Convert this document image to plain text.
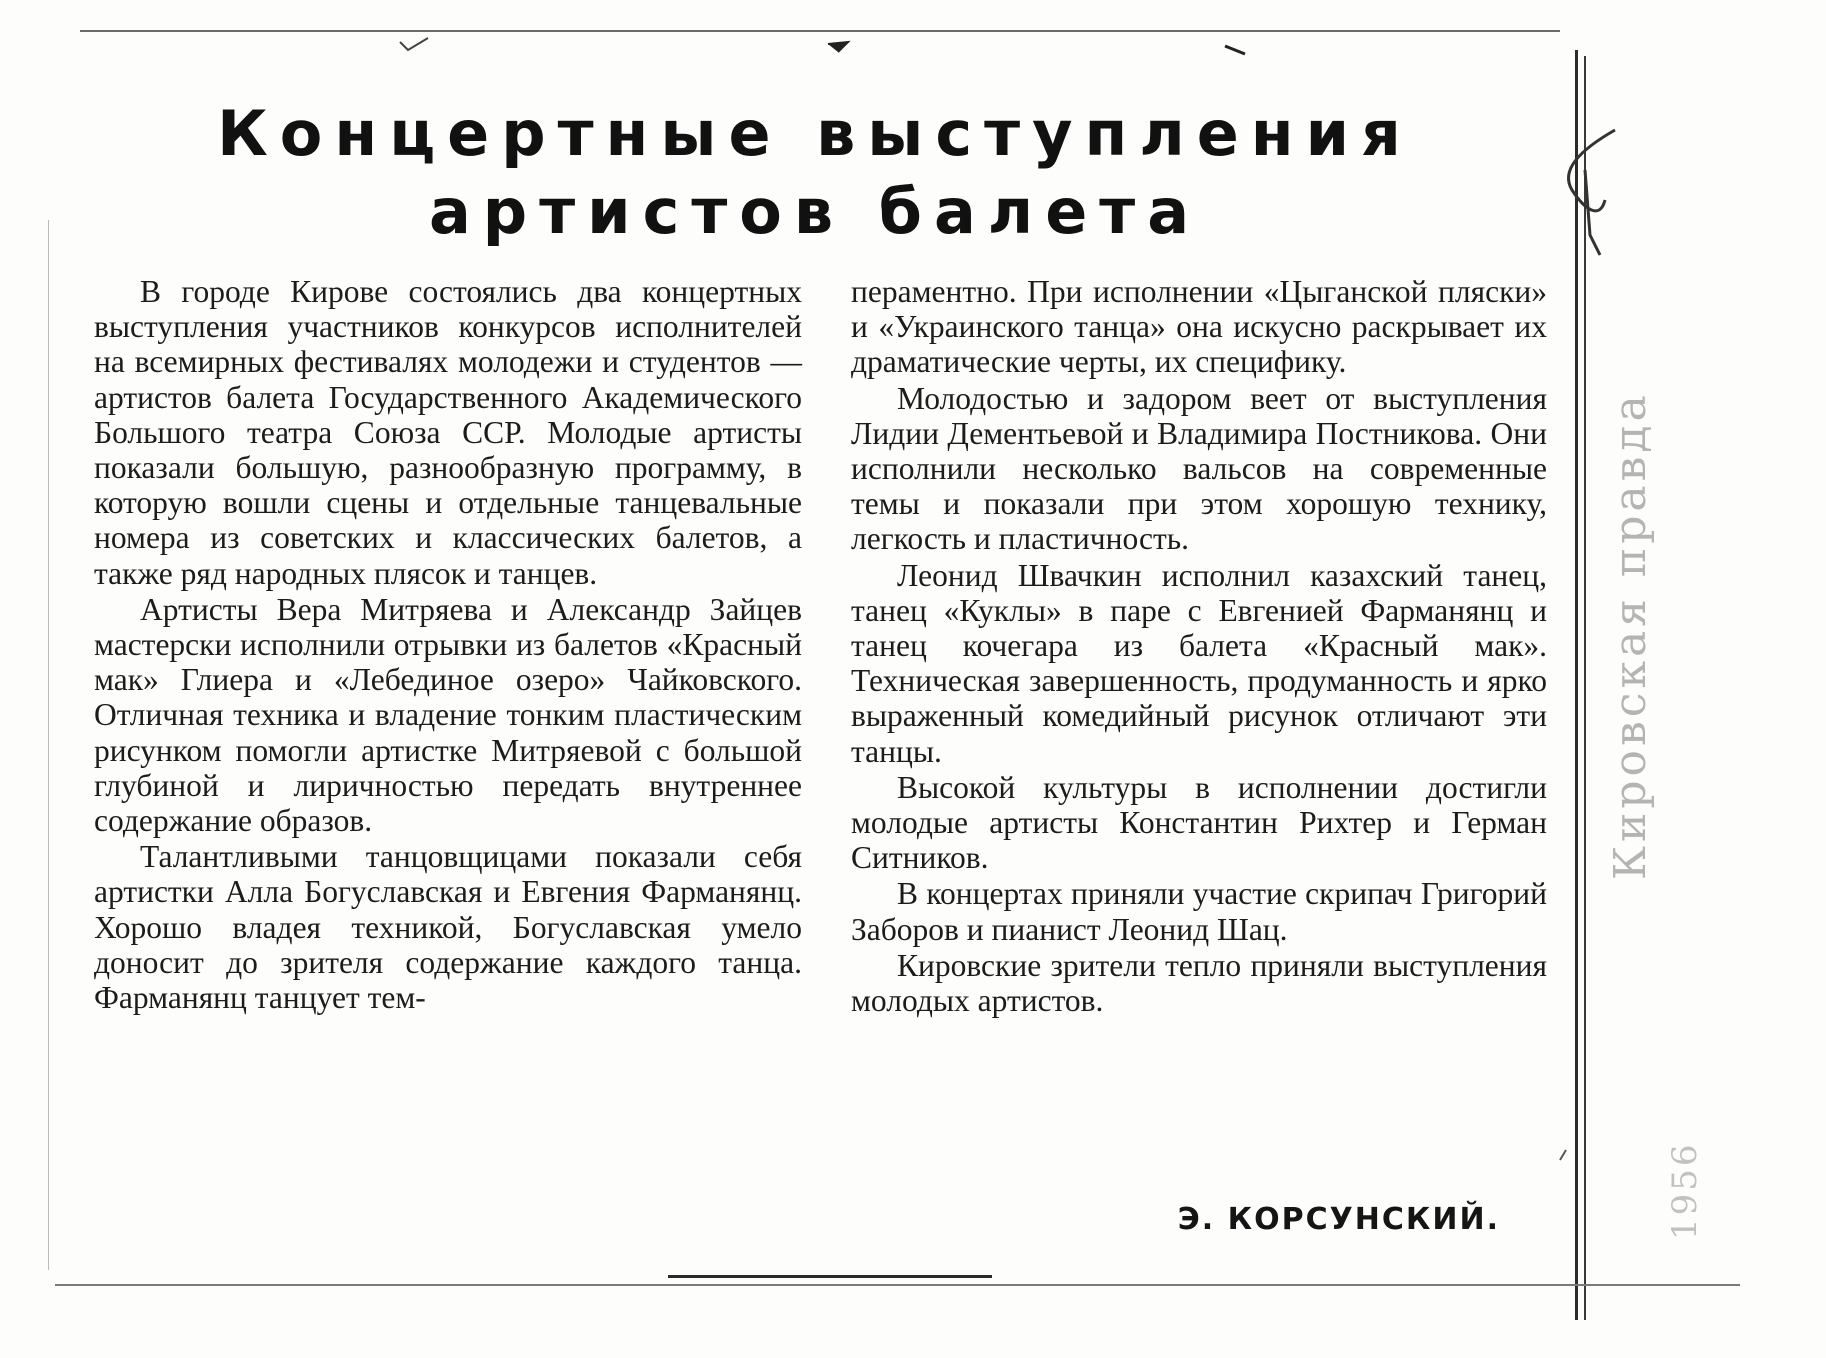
Концертные выступления
артистов балета

В городе Кирове состоялись два концертных выступления участников конкурсов исполнителей на всемирных фестивалях молодежи и студентов — артистов балета Государственного Академического Большого театра Союза ССР. Молодые артисты показали большую, разнообразную программу, в которую вошли сцены и отдельные танцевальные номера из советских и классических балетов, а также ряд народных плясок и танцев.

Артисты Вера Митряева и Александр Зайцев мастерски исполнили отрывки из балетов «Красный мак» Глиера и «Лебединое озеро» Чайковского. Отличная техника и владение тонким пластическим рисунком помогли артистке Митряевой с большой глубиной и лиричностью передать внутреннее содержание образов.

Талантливыми танцовщицами показали себя артистки Алла Богуславская и Евгения Фарманянц. Хорошо владея техникой, Богуславская умело доносит до зрителя содержание каждого танца. Фарманянц танцует тем-

пераментно. При исполнении «Цыганской пляски» и «Украинского танца» она искусно раскрывает их драматические черты, их специфику.

Молодостью и задором веет от выступления Лидии Дементьевой и Владимира Постникова. Они исполнили несколько вальсов на современные темы и показали при этом хорошую технику, легкость и пластичность.

Леонид Швачкин исполнил казахский танец, танец «Куклы» в паре с Евгенией Фарманянц и танец кочегара из балета «Красный мак». Техническая завершенность, продуманность и ярко выраженный комедийный рисунок отличают эти танцы.

Высокой культуры в исполнении достигли молодые артисты Константин Рихтер и Герман Ситников.

В концертах приняли участие скрипач Григорий Заборов и пианист Леонид Шац.

Кировские зрители тепло приняли выступления молодых артистов.

Э. КОРСУНСКИЙ.
Кировская правда
1956
